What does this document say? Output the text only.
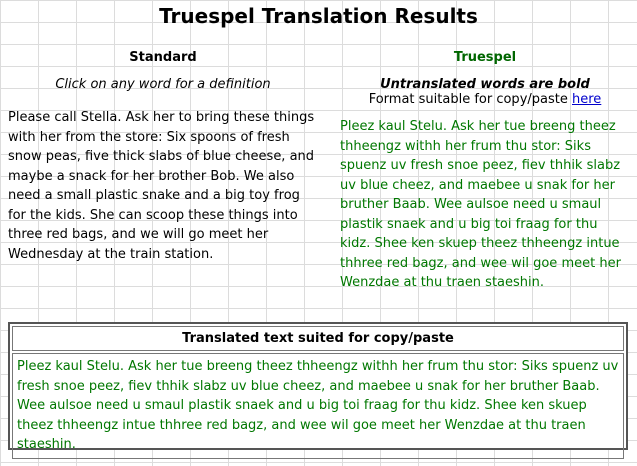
Truespel Translation Results
Standard
Click on any word for a definition
Please call Stella. Ask her to bring these things with her from the store: Six spoons of fresh snow peas, five thick slabs of blue cheese, and maybe a snack for her brother Bob. We also need a small plastic snake and a big toy frog for the kids. She can scoop these things into three red bags, and we will go meet her Wednesday at the train station.
Truespel
Untranslated words are bold
Format suitable for copy/paste here
Pleez kaul Stelu. Ask her tue breeng theez thheengz withh her frum thu stor: Siks spuenz uv fresh snoe peez, fiev thhik slabz uv blue cheez, and maebee u snak for her bruther Baab. Wee aulsoe need u smaul plastik snaek and u big toi fraag for thu kidz. Shee ken skuep theez thheengz intue thhree red bagz, and wee wil goe meet her Wenzdae at thu traen staeshin.
Translated text suited for copy/paste
Pleez kaul Stelu. Ask her tue breeng theez thheengz withh her frum thu stor: Siks spuenz uv fresh snoe peez, fiev thhik slabz uv blue cheez, and maebee u snak for her bruther Baab. Wee aulsoe need u smaul plastik snaek and u big toi fraag for thu kidz. Shee ken skuep theez thheengz intue thhree red bagz, and wee wil goe meet her Wenzdae at thu traen staeshin.
